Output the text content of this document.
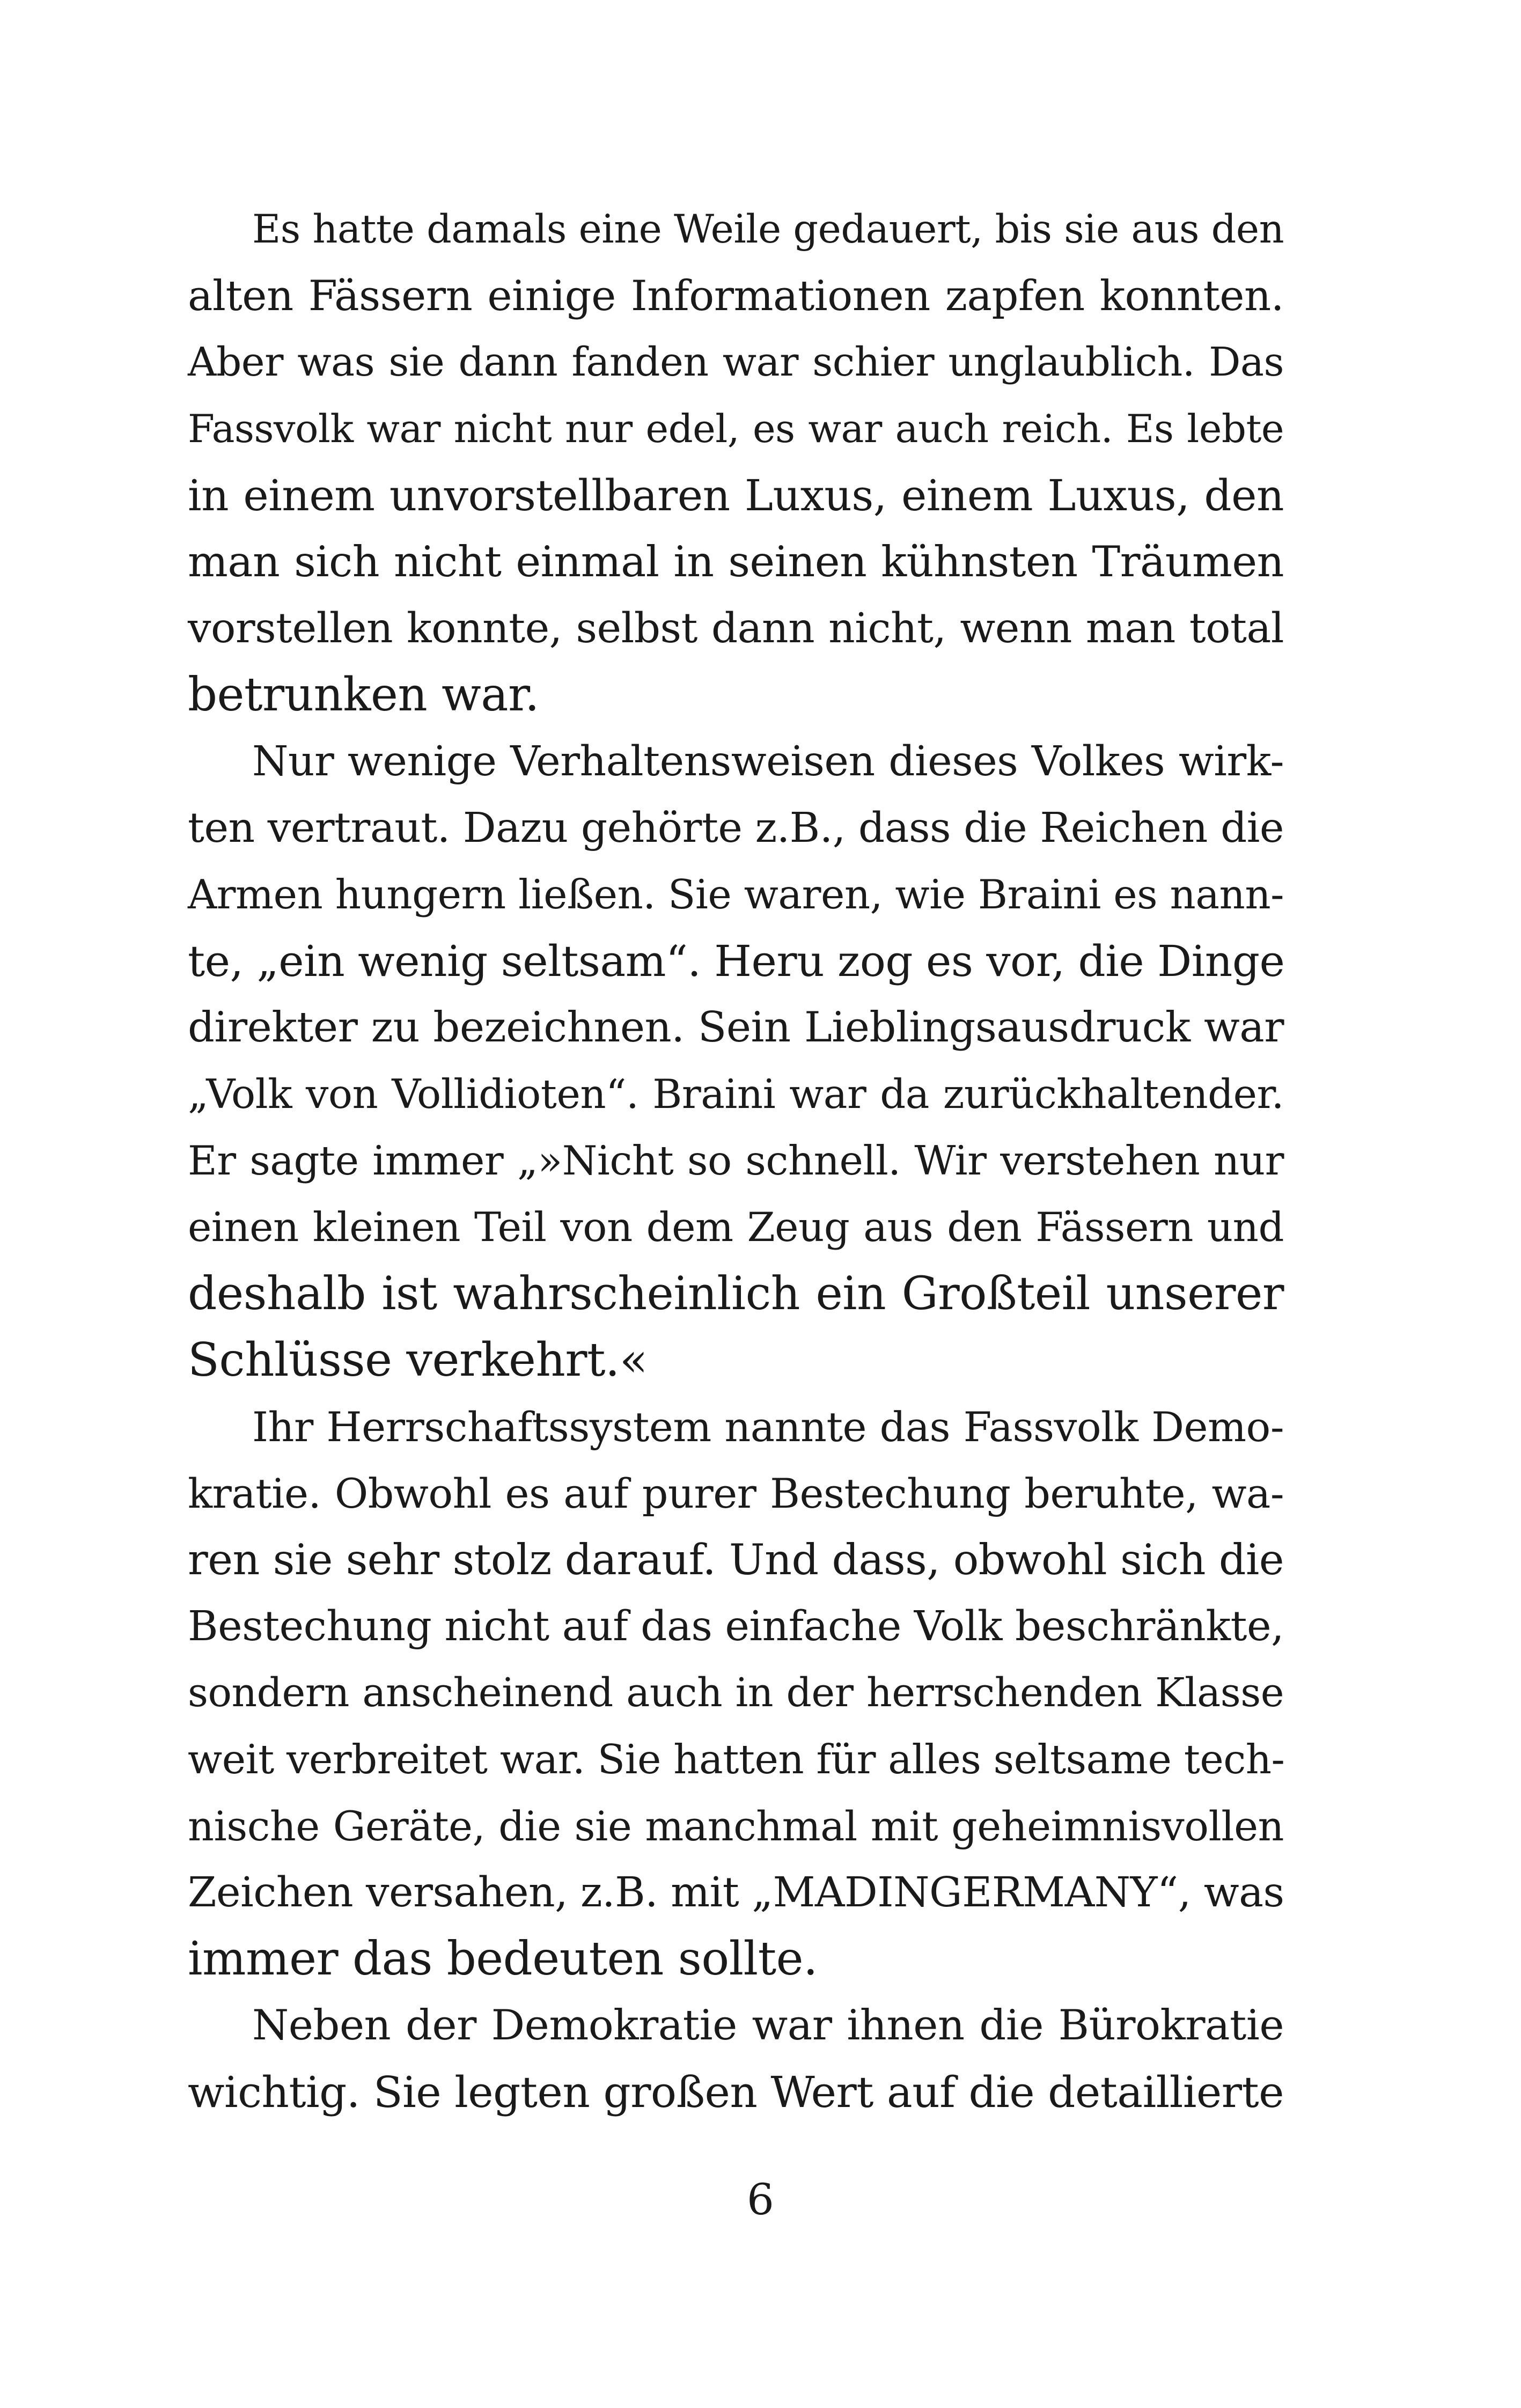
Es hatte damals eine Weile gedauert, bis sie aus den
alten Fässern einige Informationen zapfen konnten.
Aber was sie dann fanden war schier unglaublich. Das
Fassvolk war nicht nur edel, es war auch reich. Es lebte
in einem unvorstellbaren Luxus, einem Luxus, den
man sich nicht einmal in seinen kühnsten Träumen
vorstellen konnte, selbst dann nicht, wenn man total
betrunken war.
Nur wenige Verhaltensweisen dieses Volkes wirk-
ten vertraut. Dazu gehörte z.B., dass die Reichen die
Armen hungern ließen. Sie waren, wie Braini es nann-
te, „ein wenig seltsam“. Heru zog es vor, die Dinge
direkter zu bezeichnen. Sein Lieblingsausdruck war
„Volk von Vollidioten“. Braini war da zurückhaltender.
Er sagte immer „»Nicht so schnell. Wir verstehen nur
einen kleinen Teil von dem Zeug aus den Fässern und
deshalb ist wahrscheinlich ein Großteil unserer
Schlüsse verkehrt.«
Ihr Herrschaftssystem nannte das Fassvolk Demo-
kratie. Obwohl es auf purer Bestechung beruhte, wa-
ren sie sehr stolz darauf. Und dass, obwohl sich die
Bestechung nicht auf das einfache Volk beschränkte,
sondern anscheinend auch in der herrschenden Klasse
weit verbreitet war. Sie hatten für alles seltsame tech-
nische Geräte, die sie manchmal mit geheimnisvollen
Zeichen versahen, z.B. mit „MADINGERMANY“, was
immer das bedeuten sollte.
Neben der Demokratie war ihnen die Bürokratie
wichtig. Sie legten großen Wert auf die detaillierte
6
